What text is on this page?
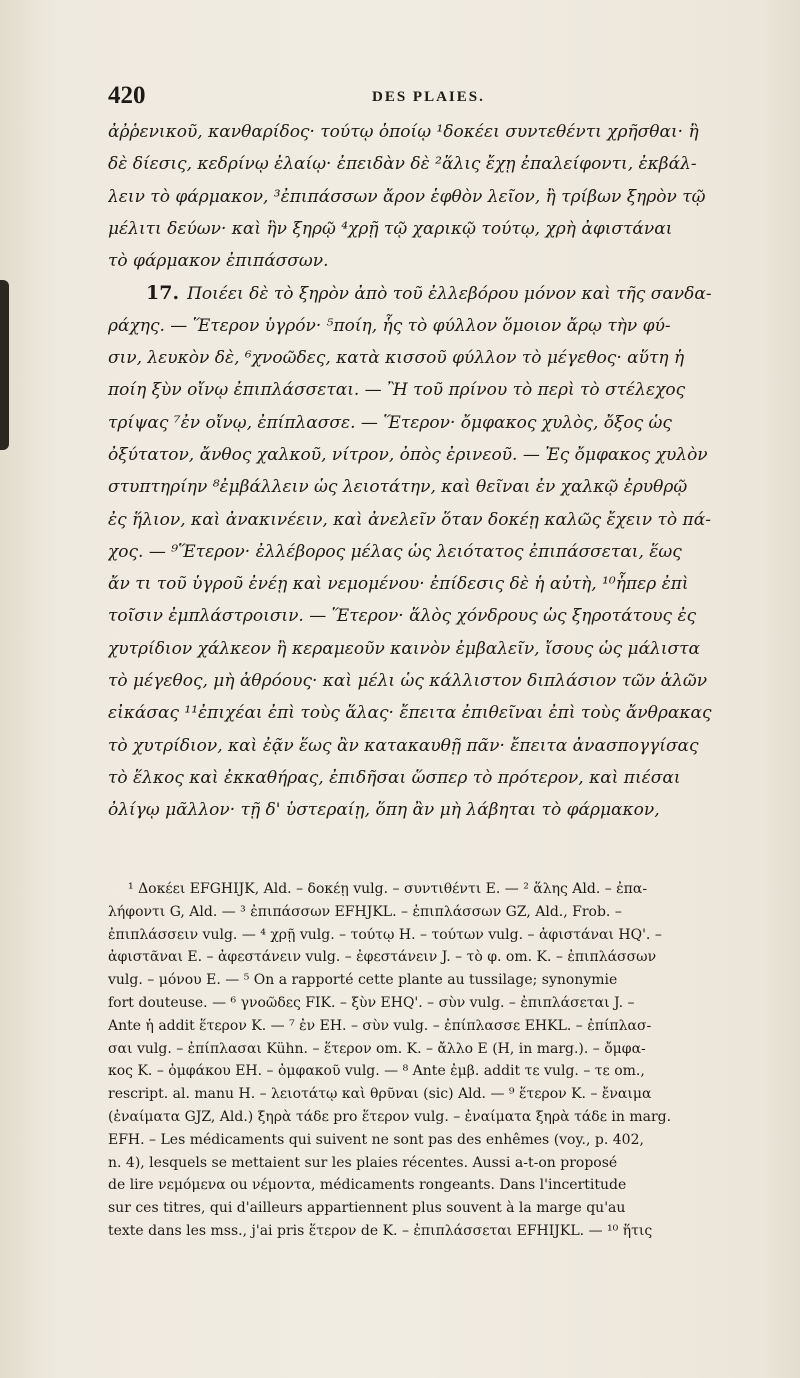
420	DES PLAIES.
ἀῤῥενικοῦ, κανθαρίδος· τούτῳ ὁποίῳ ¹δοκέει συντεθέντι χρῆσθαι· ἢ
δὲ δίεσις, κεδρίνῳ ἐλαίῳ· ἐπειδὰν δὲ ²ἅλις ἔχῃ ἐπαλείφοντι, ἐκβάλ-
λειν τὸ φάρμακον, ³ἐπιπάσσων ἄρον ἑφθὸν λεῖον, ἢ τρίβων ξηρὸν τῷ
μέλιτι δεύων· καὶ ἣν ξηρῷ ⁴χρῇ τῷ χαρικῷ τούτῳ, χρὴ ἀφιστάναι
τὸ φάρμακον ἐπιπάσσων.
17. Ποιέει δὲ τὸ ξηρὸν ἀπὸ τοῦ ἐλλεβόρου μόνον καὶ τῆς σανδα-
ράχης. — Ἕτερον ὑγρόν· ⁵ποίη, ἧς τὸ φύλλον ὅμοιον ἄρῳ τὴν φύ-
σιν, λευκὸν δὲ, ⁶χνοῶδες, κατὰ κισσοῦ φύλλον τὸ μέγεθος· αὕτη ἡ
ποίη ξὺν οἴνῳ ἐπιπλάσσεται. — Ἢ τοῦ πρίνου τὸ περὶ τὸ στέλεχος
τρίψας ⁷ἐν οἴνῳ, ἐπίπλασσε. — Ἕτερον· ὄμφακος χυλὸς, ὄξος ὡς
ὀξύτατον, ἄνθος χαλκοῦ, νίτρον, ὀπὸς ἐρινεοῦ. — Ἐς ὄμφακος χυλὸν
στυπτηρίην ⁸ἐμβάλλειν ὡς λειοτάτην, καὶ θεῖναι ἐν χαλκῷ ἐρυθρῷ
ἐς ἥλιον, καὶ ἀνακινέειν, καὶ ἀνελεῖν ὅταν δοκέῃ καλῶς ἔχειν τὸ πά-
χος. — ⁹Ἕτερον· ἐλλέβορος μέλας ὡς λειότατος ἐπιπάσσεται, ἕως
ἄν τι τοῦ ὑγροῦ ἐνέῃ καὶ νεμομένου· ἐπίδεσις δὲ ἡ αὐτὴ, ¹⁰ἧπερ ἐπὶ
τοῖσιν ἐμπλάστροισιν. — Ἕτερον· ἅλὸς χόνδρους ὡς ξηροτάτους ἐς
χυτρίδιον χάλκεον ἢ κεραμεοῦν καινὸν ἐμβαλεῖν, ἴσους ὡς μάλιστα
τὸ μέγεθος, μὴ ἀθρόους· καὶ μέλι ὡς κάλλιστον διπλάσιον τῶν ἁλῶν
εἰκάσας ¹¹ἐπιχέαι ἐπὶ τοὺς ἅλας· ἔπειτα ἐπιθεῖναι ἐπὶ τοὺς ἄνθρακας
τὸ χυτρίδιον, καὶ ἐᾷν ἕως ἂν κατακαυθῇ πᾶν· ἔπειτα ἀνασπογγίσας
τὸ ἕλκος καὶ ἐκκαθήρας, ἐπιδῆσαι ὥσπερ τὸ πρότερον, καὶ πιέσαι
ὀλίγῳ μᾶλλον· τῇ δ' ὑστεραίῃ, ὅπη ἂν μὴ λάβηται τὸ φάρμακον,
¹ Δοκέει EFGHIJK, Ald. – δοκέῃ vulg. – συντιθέντι E. — ² ἅλης Ald. – ἐπα-
λήφοντι G, Ald. — ³ ἐπιπάσσων EFHJKL. – ἐπιπλάσσων GZ, Ald., Frob. –
ἐπιπλάσσειν vulg. — ⁴ χρῇ vulg. – τούτῳ H. – τούτων vulg. – ἀφιστάναι HQ'. –
ἀφιστᾶναι E. – ἀφεστάνειν vulg. – ἐφεστάνειν J. – τὸ φ. om. K. – ἐπιπλάσσων
vulg. – μόνου E. — ⁵ On a rapporté cette plante au tussilage; synonymie
fort douteuse. — ⁶ γνοῶδες FIK. – ξὺν EHQ'. – σὺν vulg. – ἐπιπλάσεται J. –
Ante ἡ addit ἕτερον K. — ⁷ ἐν EH. – σὺν vulg. – ἐπίπλασσε EHKL. – ἐπίπλασ-
σαι vulg. – ἐπίπλασαι Kühn. – ἕτερον om. K. – ἄλλο E (H, in marg.). – ὄμφα-
κος K. – ὀμφάκου EH. – ὀμφακοῦ vulg. — ⁸ Ante ἐμβ. addit τε vulg. – τε om.,
rescript. al. manu H. – λειοτάτῳ καὶ θρῦναι (sic) Ald. — ⁹ ἕτερον K. – ἔναιμα
(ἐναίματα GJZ, Ald.) ξηρὰ τάδε pro ἕτερον vulg. – ἐναίματα ξηρὰ τάδε in marg.
EFH. – Les médicaments qui suivent ne sont pas des enhêmes (voy., p. 402,
n. 4), lesquels se mettaient sur les plaies récentes. Aussi a-t-on proposé
de lire νεμόμενα ou νέμοντα, médicaments rongeants. Dans l'incertitude
sur ces titres, qui d'ailleurs appartiennent plus souvent à la marge qu'au
texte dans les mss., j'ai pris ἕτερον de K. – ἐπιπλάσσεται EFHIJKL. — ¹⁰ ἥτις
